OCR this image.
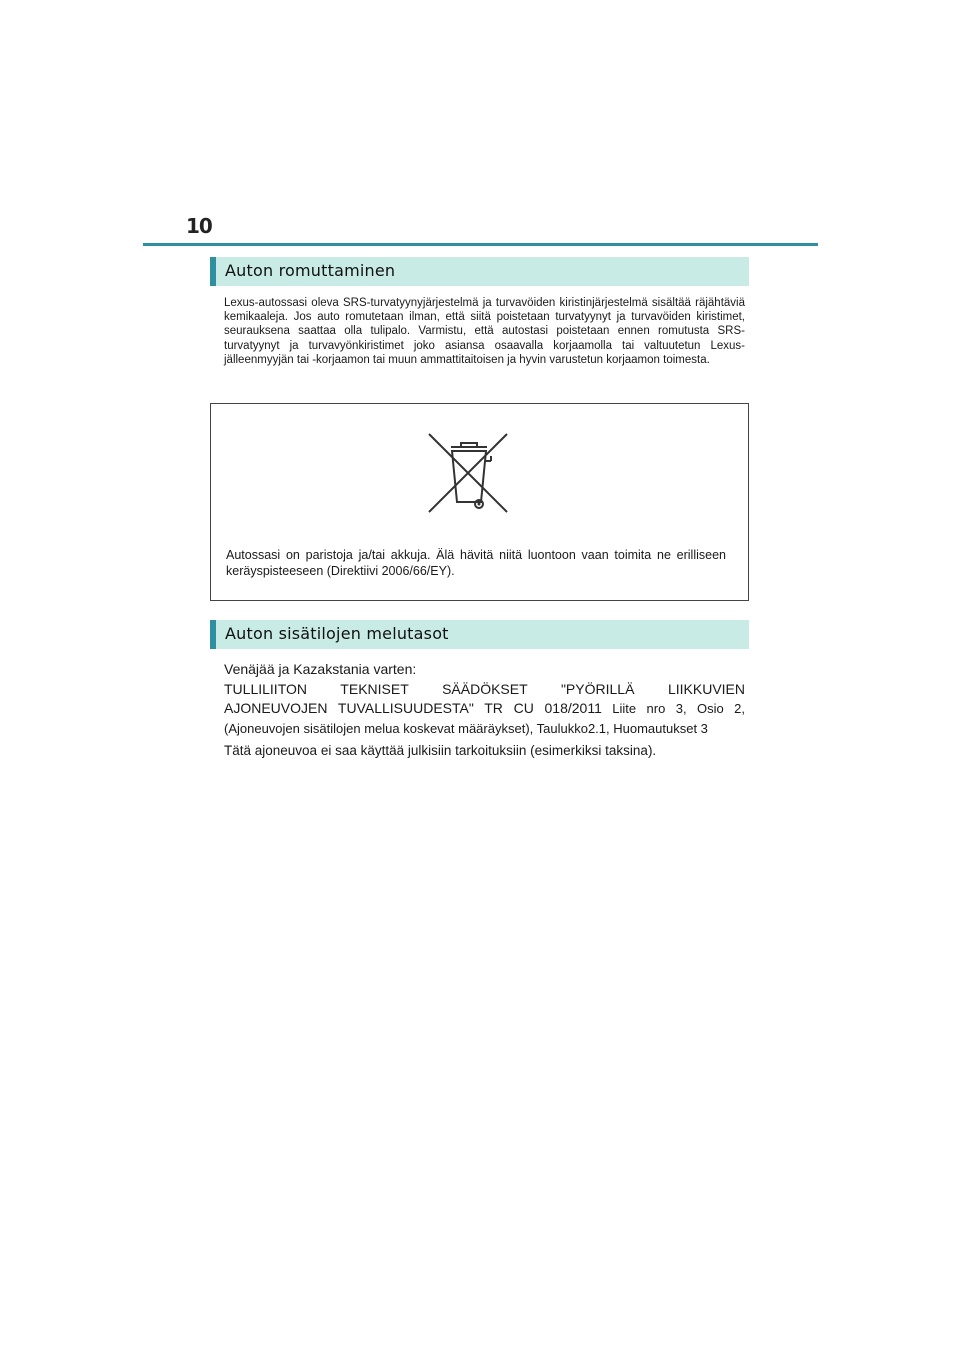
10
Auton romuttaminen
Lexus-autossasi oleva SRS-turvatyynyjärjestelmä ja turvavöiden kiristinjärjestelmä sisältää räjähtäviä kemikaaleja. Jos auto romutetaan ilman, että siitä poistetaan turvatyynyt ja turvavöiden kiristimet, seurauksena saattaa olla tulipalo. Varmistu, että autostasi poistetaan ennen romutusta SRS-turvatyynyt ja turvavyönkiristimet joko asiansa osaavalla korjaamolla tai valtuutetun Lexus-jälleenmyyjän tai -korjaamon tai muun ammattitaitoisen ja hyvin varustetun korjaamon toimesta.
Autossasi on paristoja ja/tai akkuja. Älä hävitä niitä luontoon vaan toimita ne erilliseen keräyspisteeseen (Direktiivi 2006/66/EY).
Auton sisätilojen melutasot
Venäjää ja Kazakstania varten:
TULLILIITON TEKNISET SÄÄDÖKSET "PYÖRILLÄ LIIKKUVIEN
AJONEUVOJEN TUVALLISUUDESTA" TR CU 018/2011 Liite nro 3, Osio 2,
(Ajoneuvojen sisätilojen melua koskevat määräykset), Taulukko2.1, Huomautukset 3
Tätä ajoneuvoa ei saa käyttää julkisiin tarkoituksiin (esimerkiksi taksina).
